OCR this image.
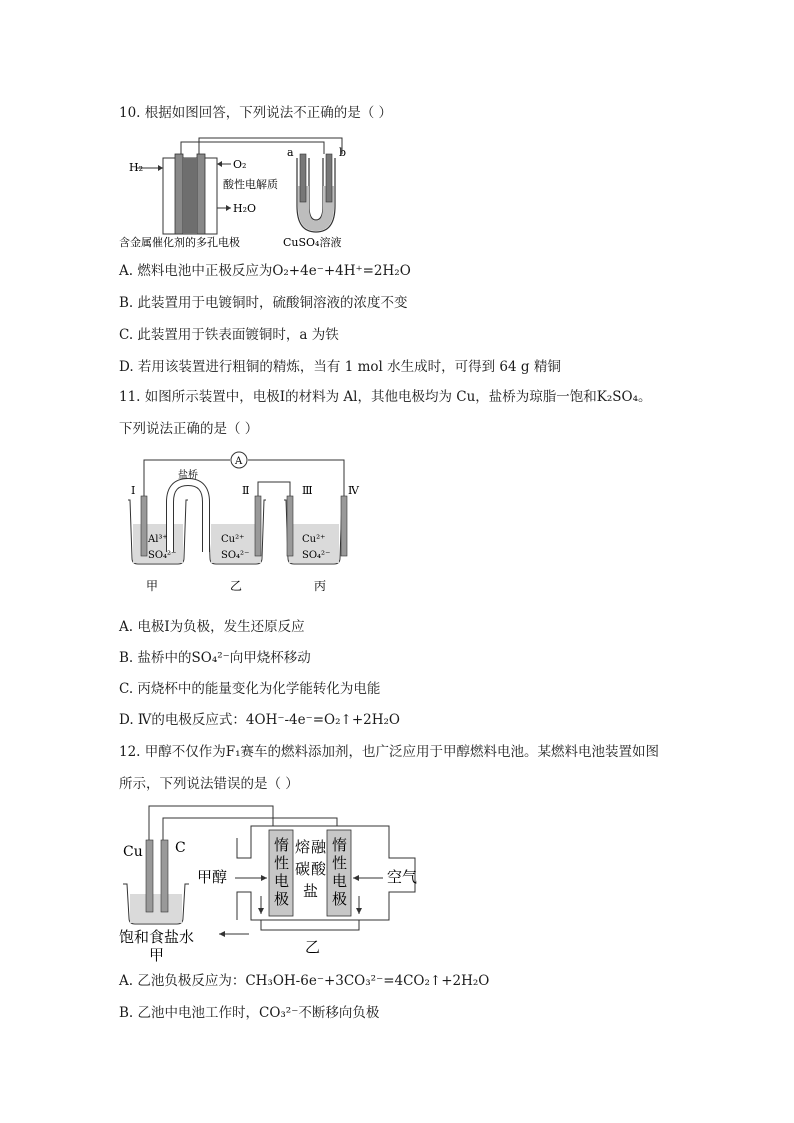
10. 根据如图回答，下列说法不正确的是（ ）
H₂	O₂
酸性电解质
H₂O
含金属催化剂的多孔电极
a	b
CuSO₄溶液
A. 燃料电池中正极反应为O₂+4e⁻+4H⁺=2H₂O
B. 此装置用于电镀铜时，硫酸铜溶液的浓度不变
C. 此装置用于铁表面镀铜时，a 为铁
D. 若用该装置进行粗铜的精炼，当有 1 mol 水生成时，可得到 64 g 精铜
11. 如图所示装置中，电极Ⅰ的材料为 Al，其他电极均为 Cu，盐桥为琼脂一饱和K₂SO₄。
下列说法正确的是（ ）
A
盐桥
Ⅰ	Ⅱ	Ⅲ	Ⅳ
Al³⁺
SO₄²⁻
Cu²⁺
SO₄²⁻
Cu²⁺
SO₄²⁻
甲	乙	丙
A. 电极Ⅰ为负极，发生还原反应
B. 盐桥中的SO₄²⁻向甲烧杯移动
C. 丙烧杯中的能量变化为化学能转化为电能
D. Ⅳ的电极反应式：4OH⁻-4e⁻=O₂↑+2H₂O
12. 甲醇不仅作为F₁赛车的燃料添加剂，也广泛应用于甲醇燃料电池。某燃料电池装置如图
所示，下列说法错误的是（ ）
Cu C	惰
性
电
极
熔 融
碳 酸
盐
惰
性
电
极
甲醇	空气
饱和食盐水
甲	乙
A. 乙池负极反应为：CH₃OH-6e⁻+3CO₃²⁻=4CO₂↑+2H₂O
B. 乙池中电池工作时，CO₃²⁻不断移向负极
